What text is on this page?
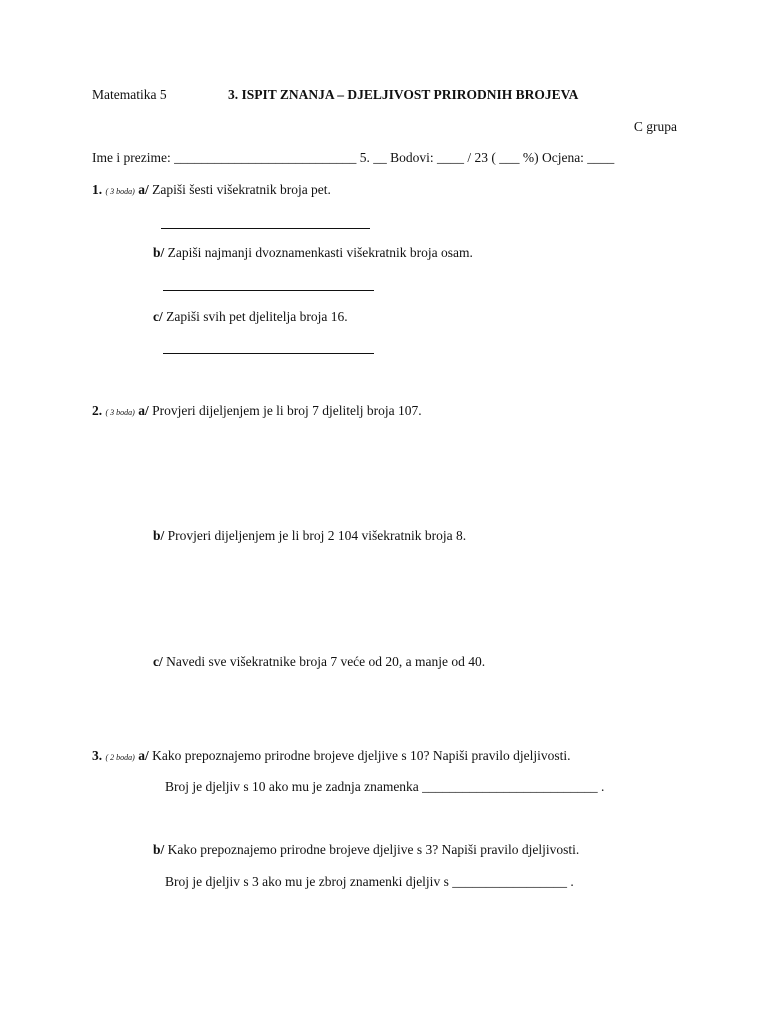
Matematika 5	3. ISPIT ZNANJA – DJELJIVOST PRIRODNIH BROJEVA
C grupa
Ime i prezime: ___________________________ 5. __ Bodovi: ____ / 23 ( ___ %) Ocjena: ____
1. ( 3 boda) a/ Zapiši šesti višekratnik broja pet.
b/ Zapiši najmanji dvoznamenkasti višekratnik broja osam.
c/ Zapiši svih pet djelitelja broja 16.
2. ( 3 boda) a/ Provjeri dijeljenjem je li broj 7 djelitelj broja 107.
b/ Provjeri dijeljenjem je li broj 2 104 višekratnik broja 8.
c/ Navedi sve višekratnike broja 7 veće od 20, a manje od 40.
3. ( 2 boda) a/ Kako prepoznajemo prirodne brojeve djeljive s 10? Napiši pravilo djeljivosti.
Broj je djeljiv s 10 ako mu je zadnja znamenka __________________________ .
b/ Kako prepoznajemo prirodne brojeve djeljive s 3? Napiši pravilo djeljivosti.
Broj je djeljiv s 3 ako mu je zbroj znamenki djeljiv s _________________ .
